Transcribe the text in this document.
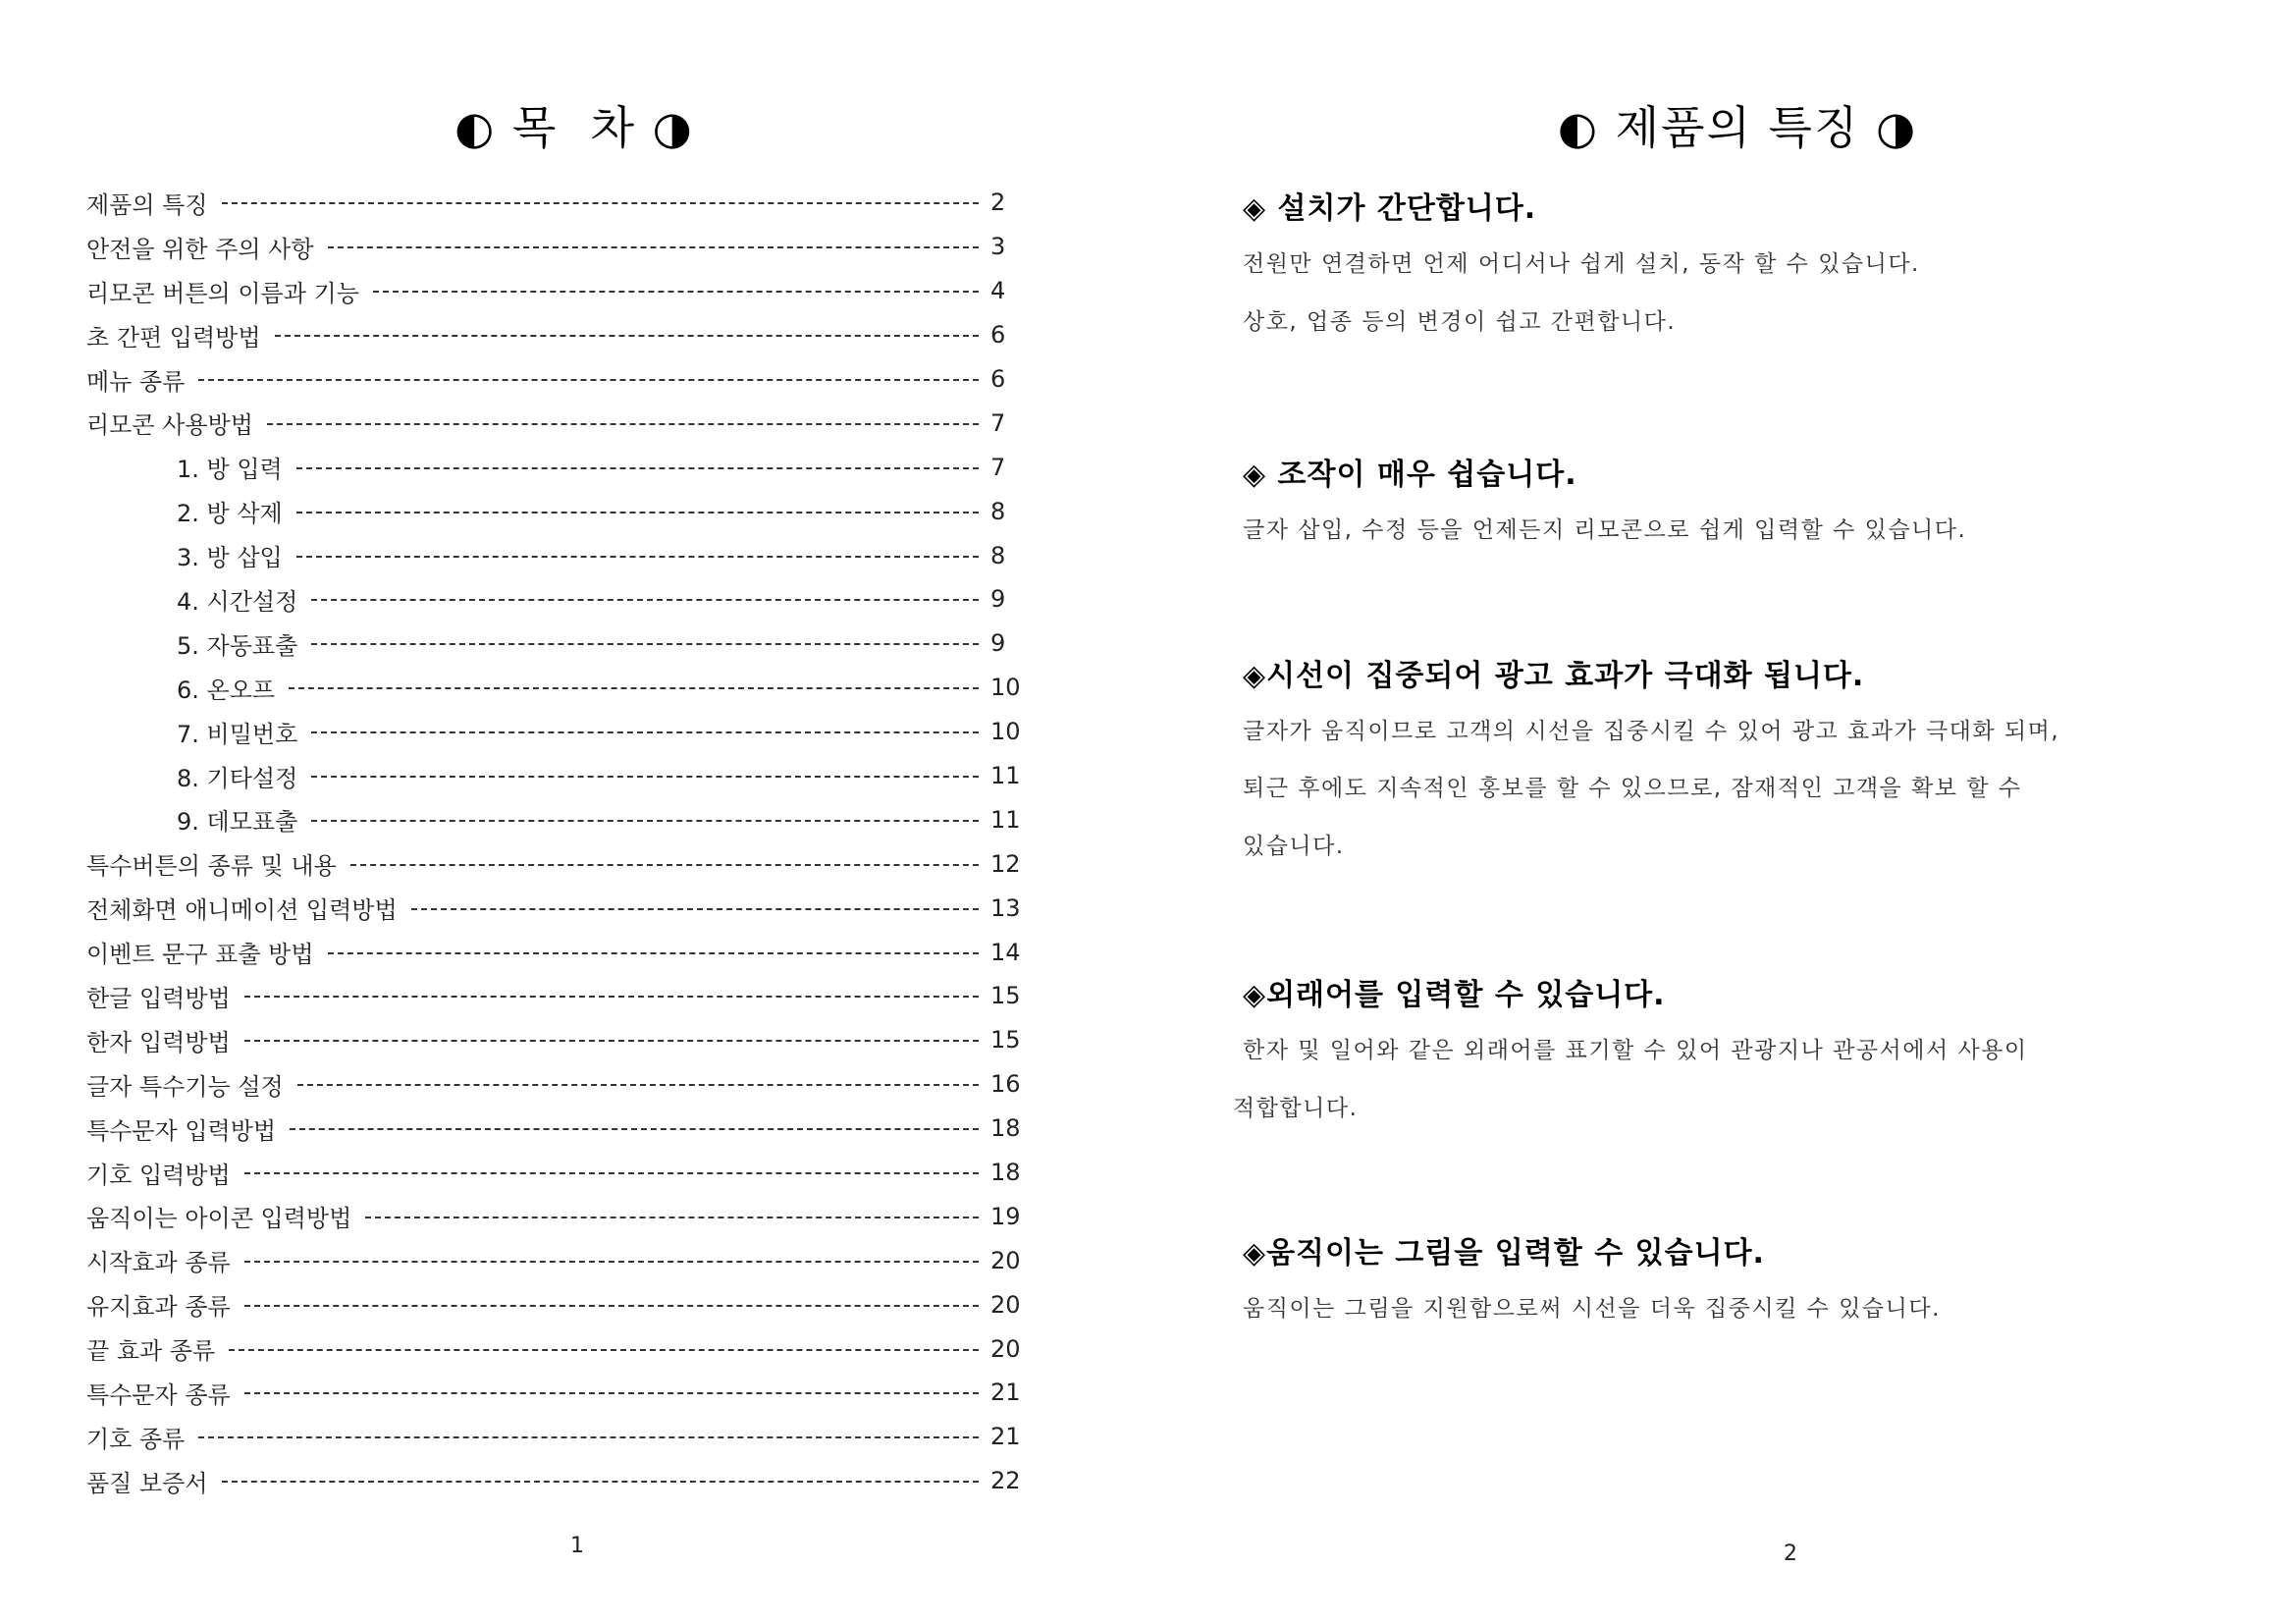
◐ 목  차 ◑
제품의 특징	2
안전을 위한 주의 사항	3
리모콘 버튼의 이름과 기능	4
초 간편 입력방법	6
메뉴 종류	6
리모콘 사용방법	7
1. 방 입력	7
2. 방 삭제	8
3. 방 삽입	8
4. 시간설정	9
5. 자동표출	9
6. 온오프	10
7. 비밀번호	10
8. 기타설정	11
9. 데모표출	11
특수버튼의 종류 및 내용	12
전체화면 애니메이션 입력방법	13
이벤트 문구 표출 방법	14
한글 입력방법	15
한자 입력방법	15
글자 특수기능 설정	16
특수문자 입력방법	18
기호 입력방법	18
움직이는 아이콘 입력방법	19
시작효과 종류	20
유지효과 종류	20
끝 효과 종류	20
특수문자 종류	21
기호 종류	21
품질 보증서	22
1
◐ 제품의 특징 ◑
◈ 설치가 간단합니다.
전원만 연결하면 언제 어디서나 쉽게 설치, 동작 할 수 있습니다.
상호, 업종 등의 변경이 쉽고 간편합니다.
◈ 조작이 매우 쉽습니다.
글자 삽입, 수정 등을 언제든지 리모콘으로 쉽게 입력할 수 있습니다.
◈시선이 집중되어 광고 효과가 극대화 됩니다.
글자가 움직이므로 고객의 시선을 집중시킬 수 있어 광고 효과가 극대화 되며,
퇴근 후에도 지속적인 홍보를 할 수 있으므로, 잠재적인 고객을 확보 할 수
있습니다.
◈외래어를 입력할 수 있습니다.
한자 및 일어와 같은 외래어를 표기할 수 있어 관광지나 관공서에서 사용이
적합합니다.
◈움직이는 그림을 입력할 수 있습니다.
움직이는 그림을 지원함으로써 시선을 더욱 집중시킬 수 있습니다.
2
